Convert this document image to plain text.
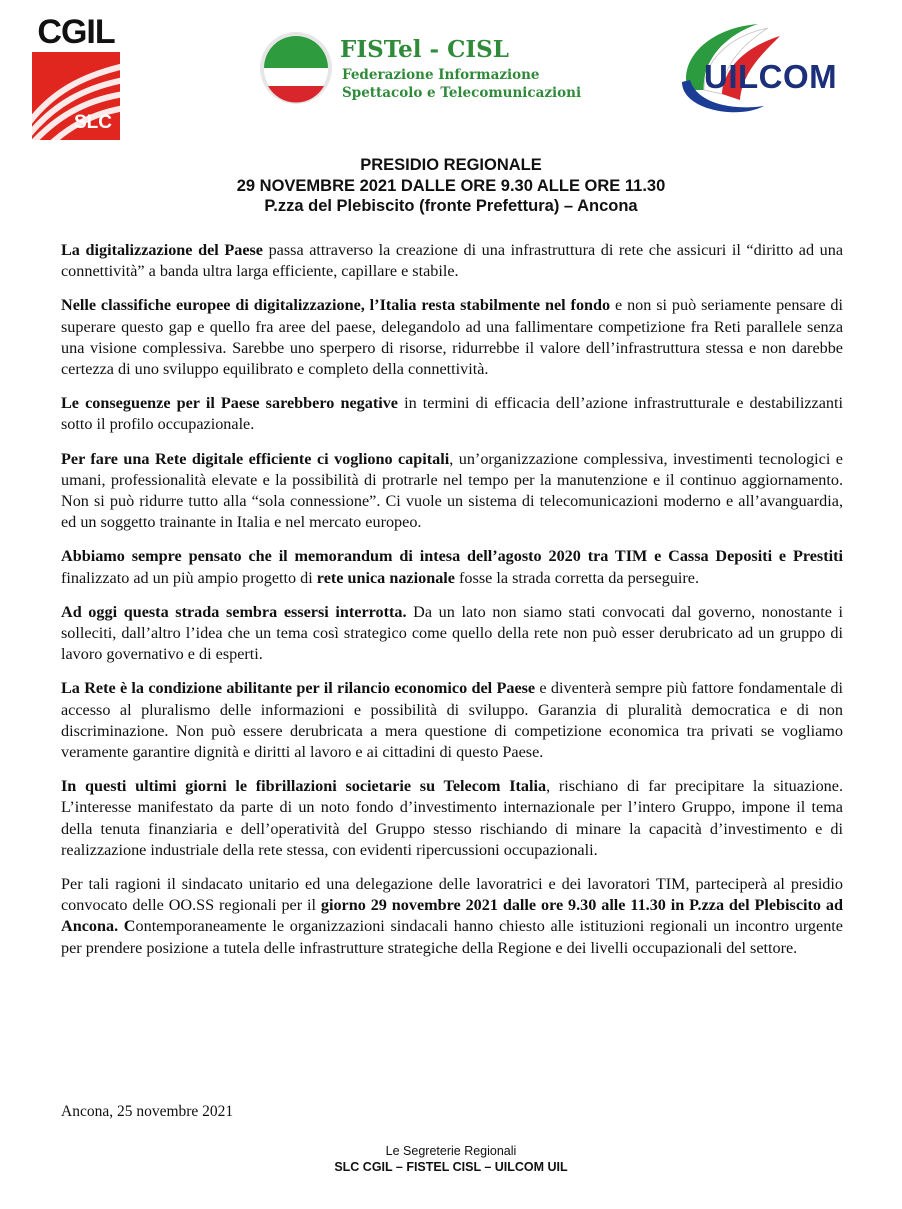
CGIL
SLC
FISTel - CISL
Federazione Informazione
Spettacolo e Telecomunicazioni	UILCOM
PRESIDIO REGIONALE
29 NOVEMBRE 2021 DALLE ORE 9.30 ALLE ORE 11.30
P.zza del Plebiscito (fronte Prefettura) – Ancona

La digitalizzazione del Paese passa attraverso la creazione di una infrastruttura di rete che assicuri il “diritto ad una connettività” a banda ultra larga efficiente, capillare e stabile.

Nelle classifiche europee di digitalizzazione, l’Italia resta stabilmente nel fondo e non si può seriamente pensare di superare questo gap e quello fra aree del paese, delegandolo ad una fallimentare competizione fra Reti parallele senza una visione complessiva. Sarebbe uno sperpero di risorse, ridurrebbe il valore dell’infrastruttura stessa e non darebbe certezza di uno sviluppo equilibrato e completo della connettività.

Le conseguenze per il Paese sarebbero negative in termini di efficacia dell’azione infrastrutturale e destabilizzanti sotto il profilo occupazionale.

Per fare una Rete digitale efficiente ci vogliono capitali, un’organizzazione complessiva, investimenti tecnologici e umani, professionalità elevate e la possibilità di protrarle nel tempo per la manutenzione e il continuo aggiornamento. Non si può ridurre tutto alla “sola connessione”. Ci vuole un sistema di telecomunicazioni moderno e all’avanguardia, ed un soggetto trainante in Italia e nel mercato europeo.

Abbiamo sempre pensato che il memorandum di intesa dell’agosto 2020 tra TIM e Cassa Depositi e Prestiti finalizzato ad un più ampio progetto di rete unica nazionale fosse la strada corretta da perseguire.

Ad oggi questa strada sembra essersi interrotta. Da un lato non siamo stati convocati dal governo, nonostante i solleciti, dall’altro l’idea che un tema così strategico come quello della rete non può esser derubricato ad un gruppo di lavoro governativo e di esperti.

La Rete è la condizione abilitante per il rilancio economico del Paese e diventerà sempre più fattore fondamentale di accesso al pluralismo delle informazioni e possibilità di sviluppo. Garanzia di pluralità democratica e di non discriminazione. Non può essere derubricata a mera questione di competizione economica tra privati se vogliamo veramente garantire dignità e diritti al lavoro e ai cittadini di questo Paese.

In questi ultimi giorni le fibrillazioni societarie su Telecom Italia, rischiano di far precipitare la situazione. L’interesse manifestato da parte di un noto fondo d’investimento internazionale per l’intero Gruppo, impone il tema della tenuta finanziaria e dell’operatività del Gruppo stesso rischiando di minare la capacità d’investimento e di realizzazione industriale della rete stessa, con evidenti ripercussioni occupazionali.

Per tali ragioni il sindacato unitario ed una delegazione delle lavoratrici e dei lavoratori TIM, parteciperà al presidio convocato delle OO.SS regionali per il giorno 29 novembre 2021 dalle ore 9.30 alle 11.30 in P.zza del Plebiscito ad Ancona. Contemporaneamente le organizzazioni sindacali hanno chiesto alle istituzioni regionali un incontro urgente per prendere posizione a tutela delle infrastrutture strategiche della Regione e dei livelli occupazionali del settore.

Ancona, 25 novembre 2021
Le Segreterie Regionali
SLC CGIL – FISTEL CISL – UILCOM UIL
